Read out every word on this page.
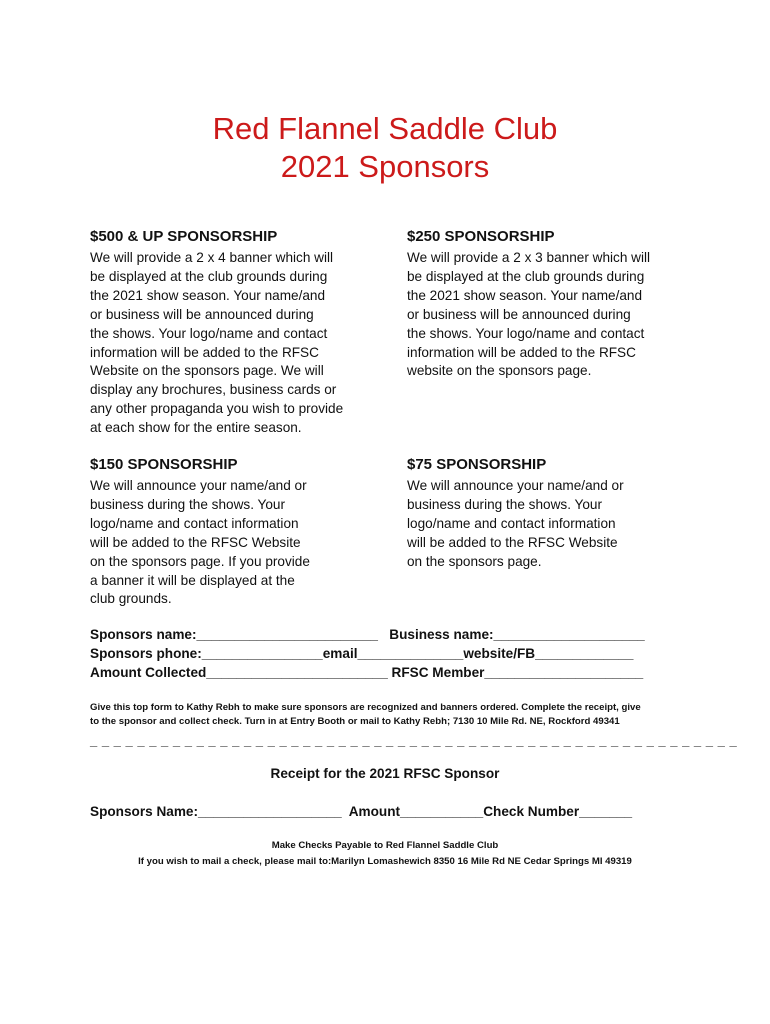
Red Flannel Saddle Club
2021 Sponsors
$500 & UP SPONSORSHIP
We will provide a 2 x 4 banner which will
be displayed at the club grounds during
the 2021 show season. Your name/and
or business will be announced during
the shows. Your logo/name and contact
information will be added to the RFSC
Website on the sponsors page. We will
display any brochures, business cards or
any other propaganda you wish to provide
at each show for the entire season.
$250 SPONSORSHIP
We will provide a 2 x 3 banner which will
be displayed at the club grounds during
the 2021 show season. Your name/and
or business will be announced during
the shows. Your logo/name and contact
information will be added to the RFSC
website on the sponsors page.
$150 SPONSORSHIP
We will announce your name/and or
business during the shows. Your
logo/name and contact information
will be added to the RFSC Website
on the sponsors page. If you provide
a banner it will be displayed at the
club grounds.
$75 SPONSORSHIP
We will announce your name/and or
business during the shows. Your
logo/name and contact information
will be added to the RFSC Website
on the sponsors page.
Sponsors name:________________________   Business name:____________________
Sponsors phone:________________email______________website/FB_____________
Amount Collected________________________ RFSC Member_____________________
Give this top form to Kathy Rebh to make sure sponsors are recognized and banners ordered. Complete the receipt, give
to the sponsor and collect check. Turn in at Entry Booth or mail to Kathy Rebh; 7130 10 Mile Rd. NE, Rockford 49341
_ _ _ _ _ _ _ _ _ _ _ _ _ _ _ _ _ _ _ _ _ _ _ _ _ _ _ _ _ _ _ _ _ _ _ _ _ _ _ _ _ _ _ _ _ _ _ _ _ _ _ _ _ _ _
Receipt for the 2021 RFSC Sponsor
Sponsors Name:___________________  Amount___________Check Number_______
Make Checks Payable to Red Flannel Saddle Club
If you wish to mail a check, please mail to:Marilyn Lomashewich 8350 16 Mile Rd NE Cedar Springs MI 49319
